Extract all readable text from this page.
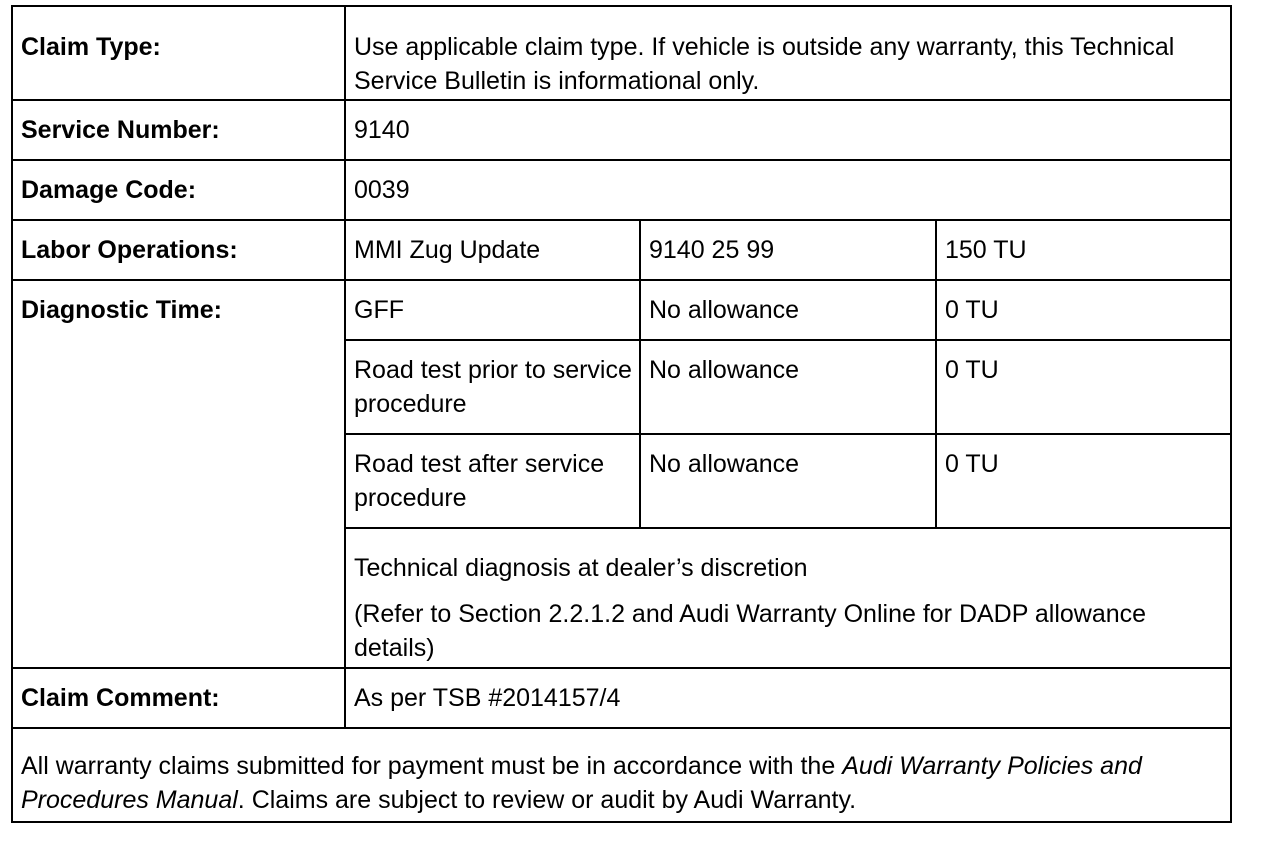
Claim Type:	Use applicable claim type. If vehicle is outside any warranty, this Technical Service Bulletin is informational only.		

Service Number:	9140		

Damage Code:	0039		

Labor Operations:	MMI Zug Update	9140 25 99	150 TU

Diagnostic Time:	GFF	No allowance	0 TU

	Road test prior to service procedure	No allowance	0 TU

	Road test after service procedure	No allowance	0 TU

	Technical diagnosis at dealer’s discretion
(Refer to Section 2.2.1.2 and Audi Warranty Online for DADP allowance details)		

Claim Comment:	As per TSB #2014157/4		

All warranty claims submitted for payment must be in accordance with the Audi Warranty Policies and Procedures Manual. Claims are subject to review or audit by Audi Warranty.			
